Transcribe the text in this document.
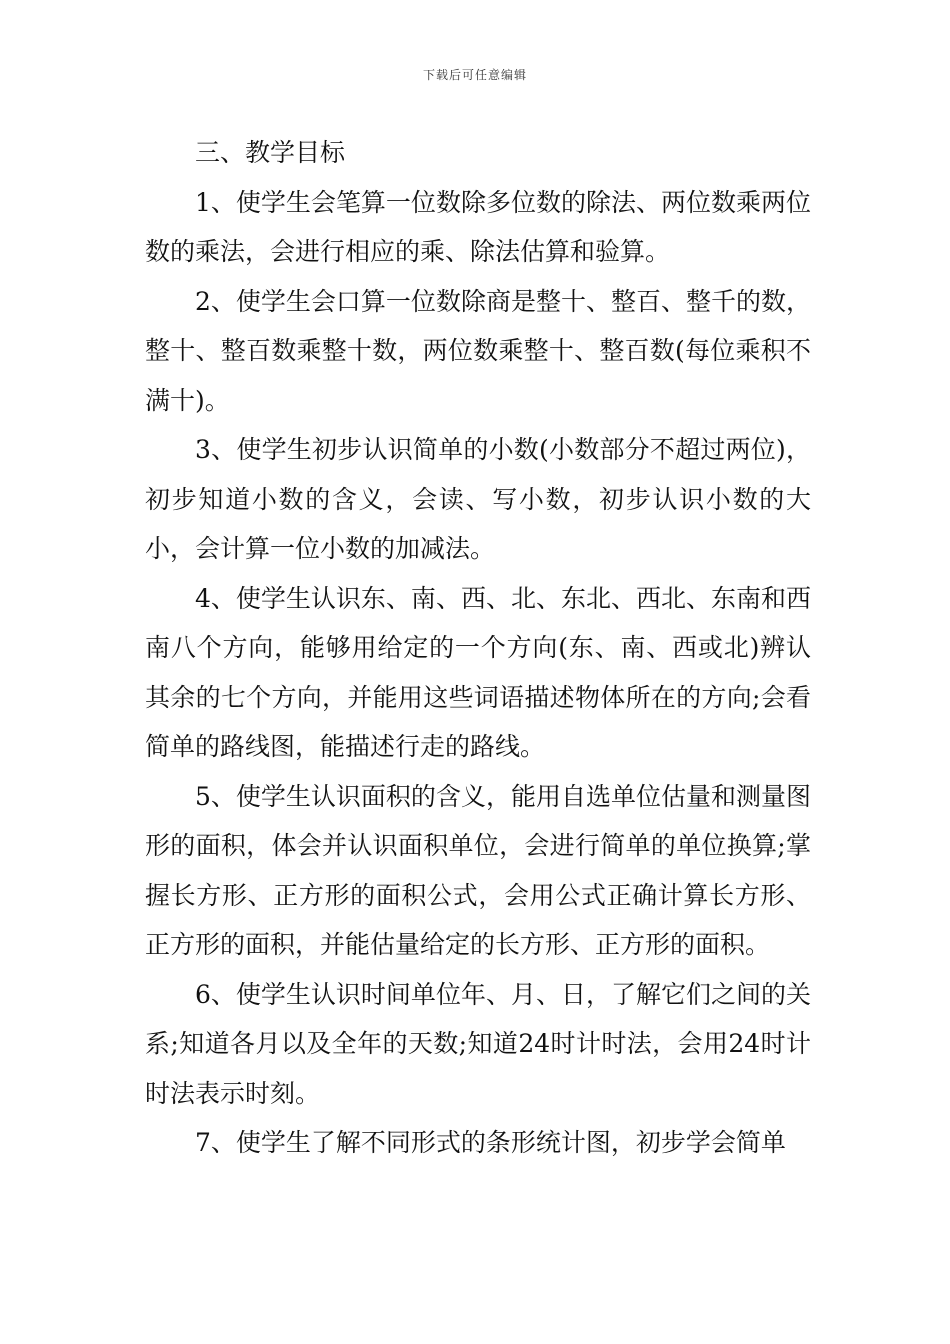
下载后可任意编辑

三、教学目标

1、使学生会笔算一位数除多位数的除法、两位数乘两位数的乘法，会进行相应的乘、除法估算和验算。

2、使学生会口算一位数除商是整十、整百、整千的数，整十、整百数乘整十数，两位数乘整十、整百数(每位乘积不满十)。

3、使学生初步认识简单的小数(小数部分不超过两位)，初步知道小数的含义，会读、写小数，初步认识小数的大小，会计算一位小数的加减法。

4、使学生认识东、南、西、北、东北、西北、东南和西南八个方向，能够用给定的一个方向(东、南、西或北)辨认其余的七个方向，并能用这些词语描述物体所在的方向;会看简单的路线图，能描述行走的路线。

5、使学生认识面积的含义，能用自选单位估量和测量图形的面积，体会并认识面积单位，会进行简单的单位换算;掌握长方形、正方形的面积公式，会用公式正确计算长方形、正方形的面积，并能估量给定的长方形、正方形的面积。

6、使学生认识时间单位年、月、日，了解它们之间的关系;知道各月以及全年的天数;知道24时计时法，会用24时计时法表示时刻。

7、使学生了解不同形式的条形统计图，初步学会简单
